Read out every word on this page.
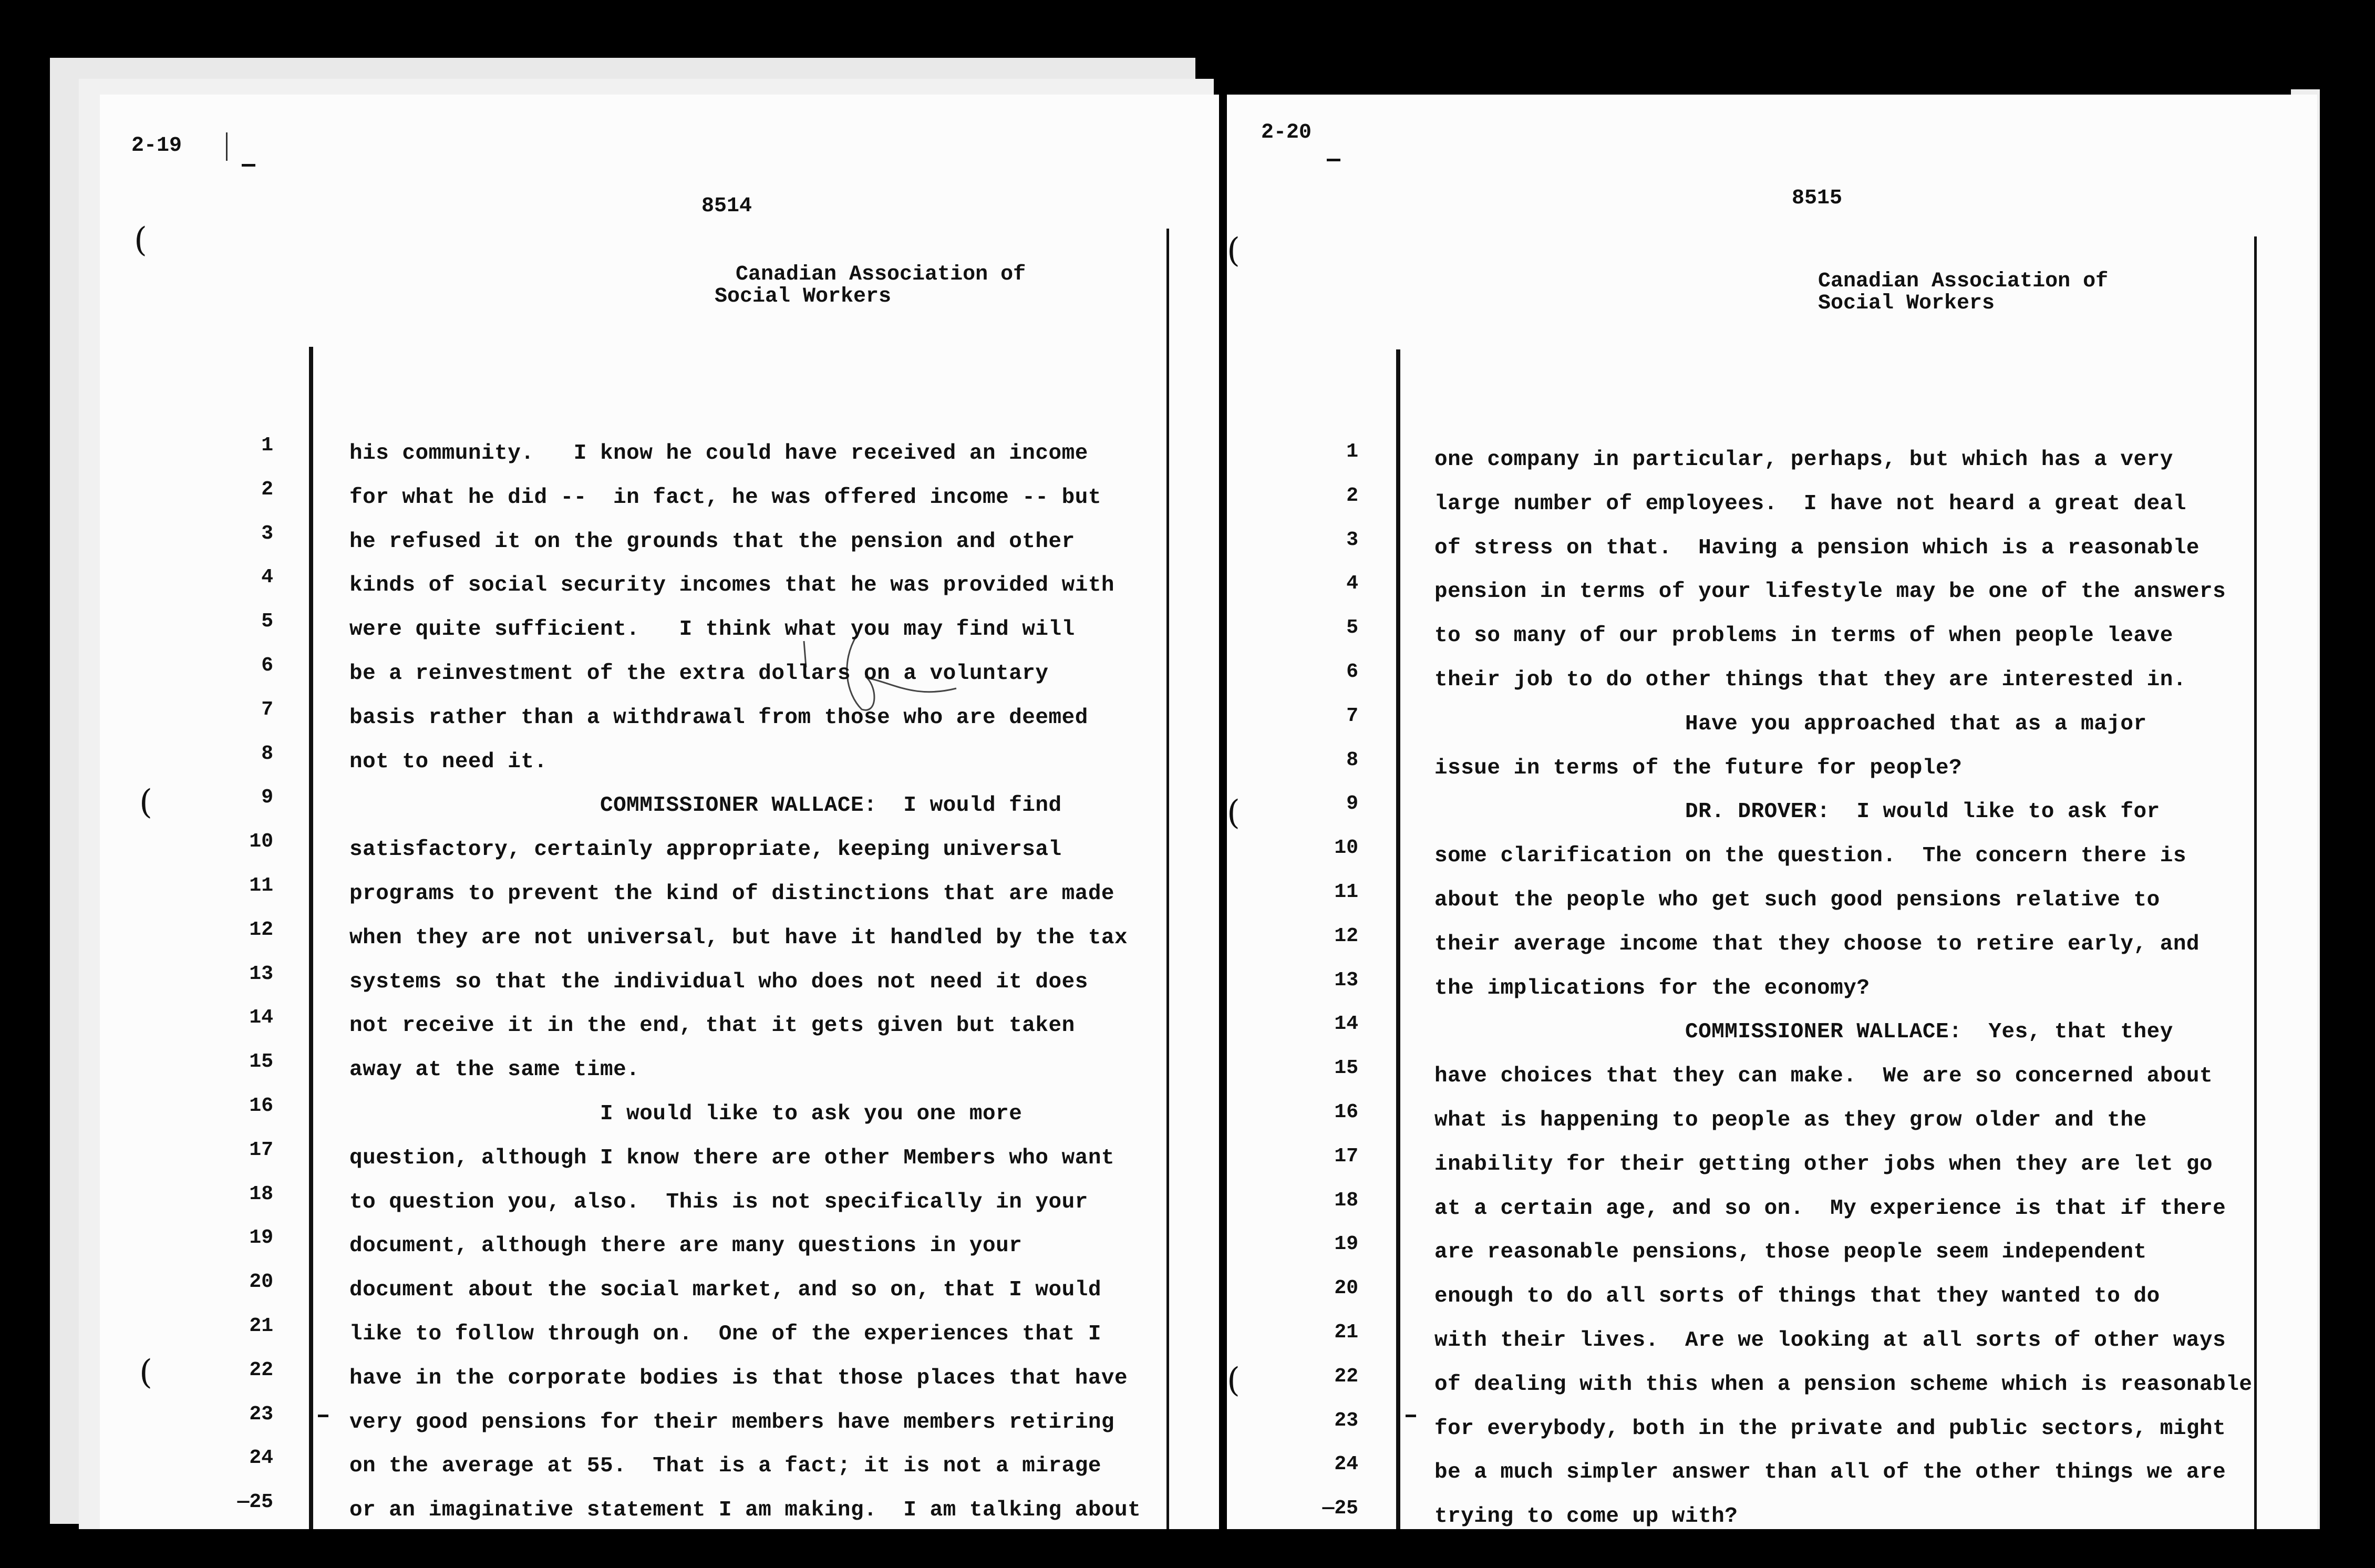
2-19
8514
Canadian Association of
Social Workers
(
(
(
1	his community.   I know he could have received an income
2	for what he did --  in fact, he was offered income -- but
3	he refused it on the grounds that the pension and other
4	kinds of social security incomes that he was provided with
5	were quite sufficient.   I think what you may find will
6	be a reinvestment of the extra dollars on a voluntary
7	basis rather than a withdrawal from those who are deemed
8	not to need it.
9	COMMISSIONER WALLACE:  I would find
10	satisfactory, certainly appropriate, keeping universal
11	programs to prevent the kind of distinctions that are made
12	when they are not universal, but have it handled by the tax
13	systems so that the individual who does not need it does
14	not receive it in the end, that it gets given but taken
15	away at the same time.
16	I would like to ask you one more
17	question, although I know there are other Members who want
18	to question you, also.  This is not specifically in your
19	document, although there are many questions in your
20	document about the social market, and so on, that I would
21	like to follow through on.  One of the experiences that I
22	have in the corporate bodies is that those places that have
23	very good pensions for their members have members retiring
24	on the average at 55.  That is a fact; it is not a mirage
—25	or an imaginative statement I am making.  I am talking about
2-20
8515
Canadian Association of
Social Workers
(
(
(
1	one company in particular, perhaps, but which has a very
2	large number of employees.  I have not heard a great deal
3	of stress on that.  Having a pension which is a reasonable
4	pension in terms of your lifestyle may be one of the answers
5	to so many of our problems in terms of when people leave
6	their job to do other things that they are interested in.
7	Have you approached that as a major
8	issue in terms of the future for people?
9	DR. DROVER:  I would like to ask for
10	some clarification on the question.  The concern there is
11	about the people who get such good pensions relative to
12	their average income that they choose to retire early, and
13	the implications for the economy?
14	COMMISSIONER WALLACE:  Yes, that they
15	have choices that they can make.  We are so concerned about
16	what is happening to people as they grow older and the
17	inability for their getting other jobs when they are let go
18	at a certain age, and so on.  My experience is that if there
19	are reasonable pensions, those people seem independent
20	enough to do all sorts of things that they wanted to do
21	with their lives.  Are we looking at all sorts of other ways
22	of dealing with this when a pension scheme which is reasonable
23	for everybody, both in the private and public sectors, might
24	be a much simpler answer than all of the other things we are
—25	trying to come up with?
